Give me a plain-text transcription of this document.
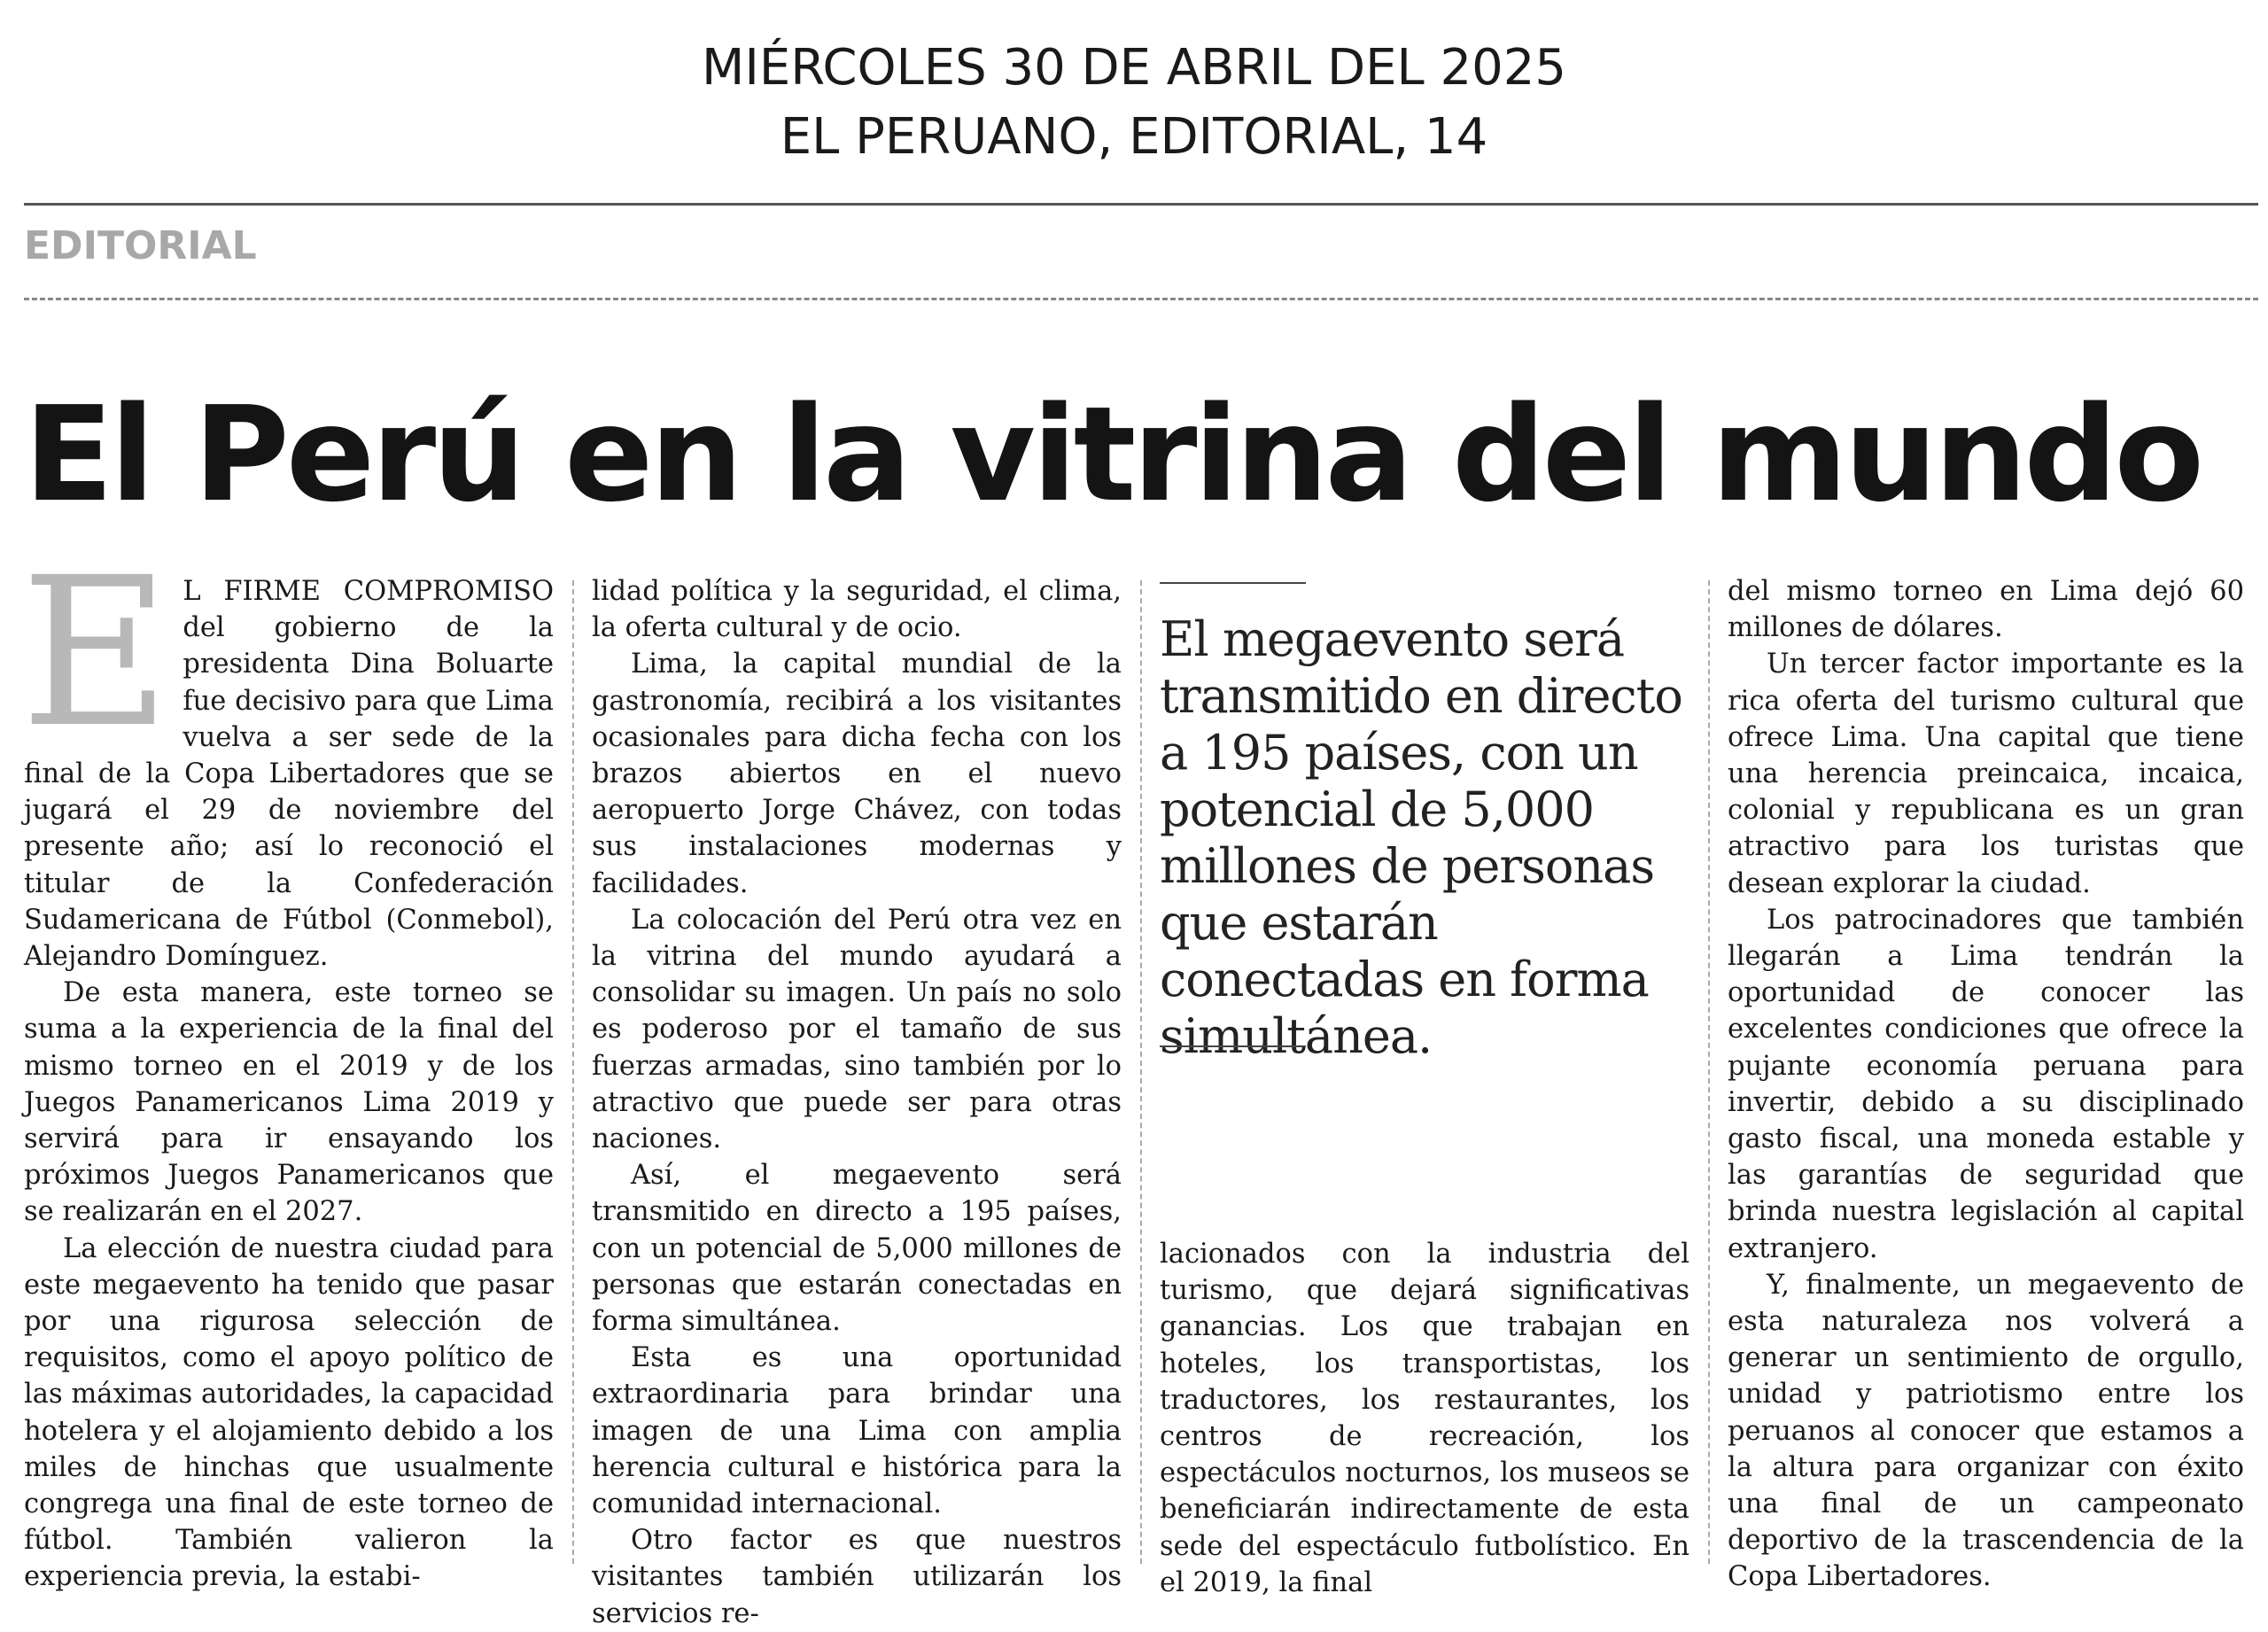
MIÉRCOLES 30 DE ABRIL DEL 2025
EL PERUANO, EDITORIAL, 14
EDITORIAL
El Perú en la vitrina del mundo

E L FIRME COMPROMISO del gobierno de la presidenta Dina Boluarte fue decisivo para que Lima vuelva a ser sede de la final de la Copa Libertadores que se jugará el 29 de noviembre del presente año; así lo reconoció el titular de la Confederación Sudamericana de Fútbol (Conmebol), Alejandro Domínguez.

De esta manera, este torneo se suma a la experiencia de la final del mismo torneo en el 2019 y de los Juegos Panamericanos Lima 2019 y servirá para ir ensayando los próximos Juegos Panamericanos que se realizarán en el 2027.

La elección de nuestra ciudad para este megaevento ha tenido que pasar por una rigurosa selección de requisitos, como el apoyo político de las máximas autoridades, la capacidad hotelera y el alojamiento debido a los miles de hinchas que usualmente congrega una final de este torneo de fútbol. También valieron la experiencia previa, la estabi-

lidad política y la seguridad, el clima, la oferta cultural y de ocio.

Lima, la capital mundial de la gastronomía, recibirá a los visitantes ocasionales para dicha fecha con los brazos abiertos en el nuevo aeropuerto Jorge Chávez, con todas sus instalaciones modernas y facilidades.

La colocación del Perú otra vez en la vitrina del mundo ayudará a consolidar su imagen. Un país no solo es poderoso por el tamaño de sus fuerzas armadas, sino también por lo atractivo que puede ser para otras naciones.

Así, el megaevento será transmitido en directo a 195 países, con un potencial de 5,000 millones de personas que estarán conectadas en forma simultánea.

Esta es una oportunidad extraordinaria para brindar una imagen de una Lima con amplia herencia cultural e histórica para la comunidad internacional.

Otro factor es que nuestros visitantes también utilizarán los servicios re-

El megaevento será transmitido en directo a 195 países, con un potencial de 5,000 millones de personas que estarán conectadas en forma simultánea.

lacionados con la industria del turismo, que dejará significativas ganancias. Los que trabajan en hoteles, los transportistas, los traductores, los restaurantes, los centros de recreación, los espectáculos nocturnos, los museos se beneficiarán indirectamente de esta sede del espectáculo futbolístico. En el 2019, la final

del mismo torneo en Lima dejó 60 millones de dólares.

Un tercer factor importante es la rica oferta del turismo cultural que ofrece Lima. Una capital que tiene una herencia preincaica, incaica, colonial y republicana es un gran atractivo para los turistas que desean explorar la ciudad.

Los patrocinadores que también llegarán a Lima tendrán la oportunidad de conocer las excelentes condiciones que ofrece la pujante economía peruana para invertir, debido a su disciplinado gasto fiscal, una moneda estable y las garantías de seguridad que brinda nuestra legislación al capital extranjero.

Y, finalmente, un megaevento de esta naturaleza nos volverá a generar un sentimiento de orgullo, unidad y patriotismo entre los peruanos al conocer que estamos a la altura para organizar con éxito una final de un campeonato deportivo de la trascendencia de la Copa Libertadores.
